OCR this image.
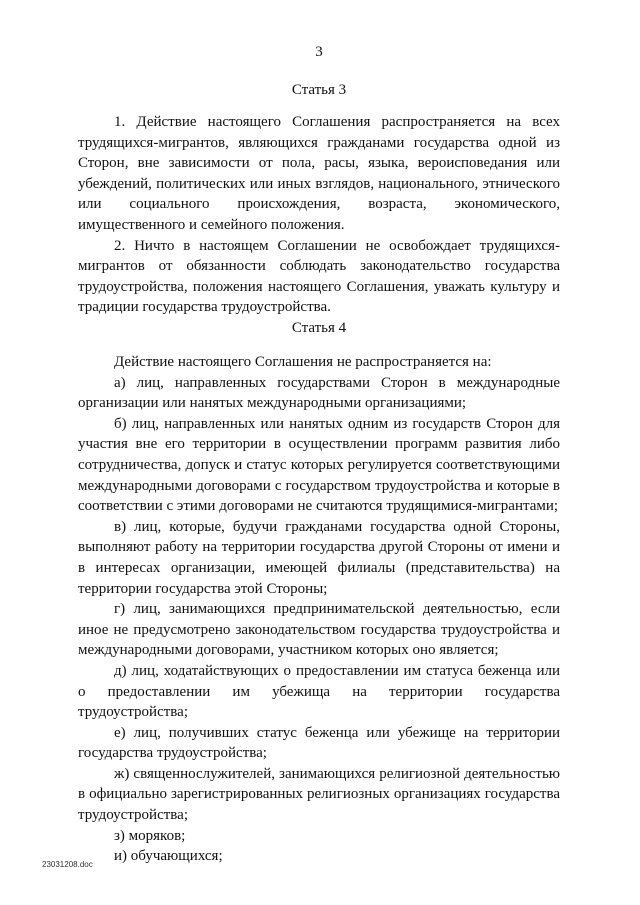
3
Статья 3

1. Действие настоящего Соглашения распространяется на всех трудящихся-мигрантов, являющихся гражданами государства одной из Сторон, вне зависимости от пола, расы, языка, вероисповедания или убеждений, политических или иных взглядов, национального, этнического или социального происхождения, возраста, экономического, имущественного и семейного положения.

2. Ничто в настоящем Соглашении не освобождает трудящихся-мигрантов от обязанности соблюдать законодательство государства трудоустройства, положения настоящего Соглашения, уважать культуру и традиции государства трудоустройства.

Статья 4

Действие настоящего Соглашения не распространяется на:

а) лиц, направленных государствами Сторон в международные организации или нанятых международными организациями;

б) лиц, направленных или нанятых одним из государств Сторон для участия вне его территории в осуществлении программ развития либо сотрудничества, допуск и статус которых регулируется соответствующими международными договорами с государством трудоустройства и которые в соответствии с этими договорами не считаются трудящимися-мигрантами;

в) лиц, которые, будучи гражданами государства одной Стороны, выполняют работу на территории государства другой Стороны от имени и в интересах организации, имеющей филиалы (представительства) на территории государства этой Стороны;

г) лиц, занимающихся предпринимательской деятельностью, если иное не предусмотрено законодательством государства трудоустройства и международными договорами, участником которых оно является;

д) лиц, ходатайствующих о предоставлении им статуса беженца или о предоставлении им убежища на территории государства трудоустройства;

е) лиц, получивших статус беженца или убежище на территории государства трудоустройства;

ж) священнослужителей, занимающихся религиозной деятельностью в официально зарегистрированных религиозных организациях государства трудоустройства;

з) моряков;

и) обучающихся;

23031208.doc
